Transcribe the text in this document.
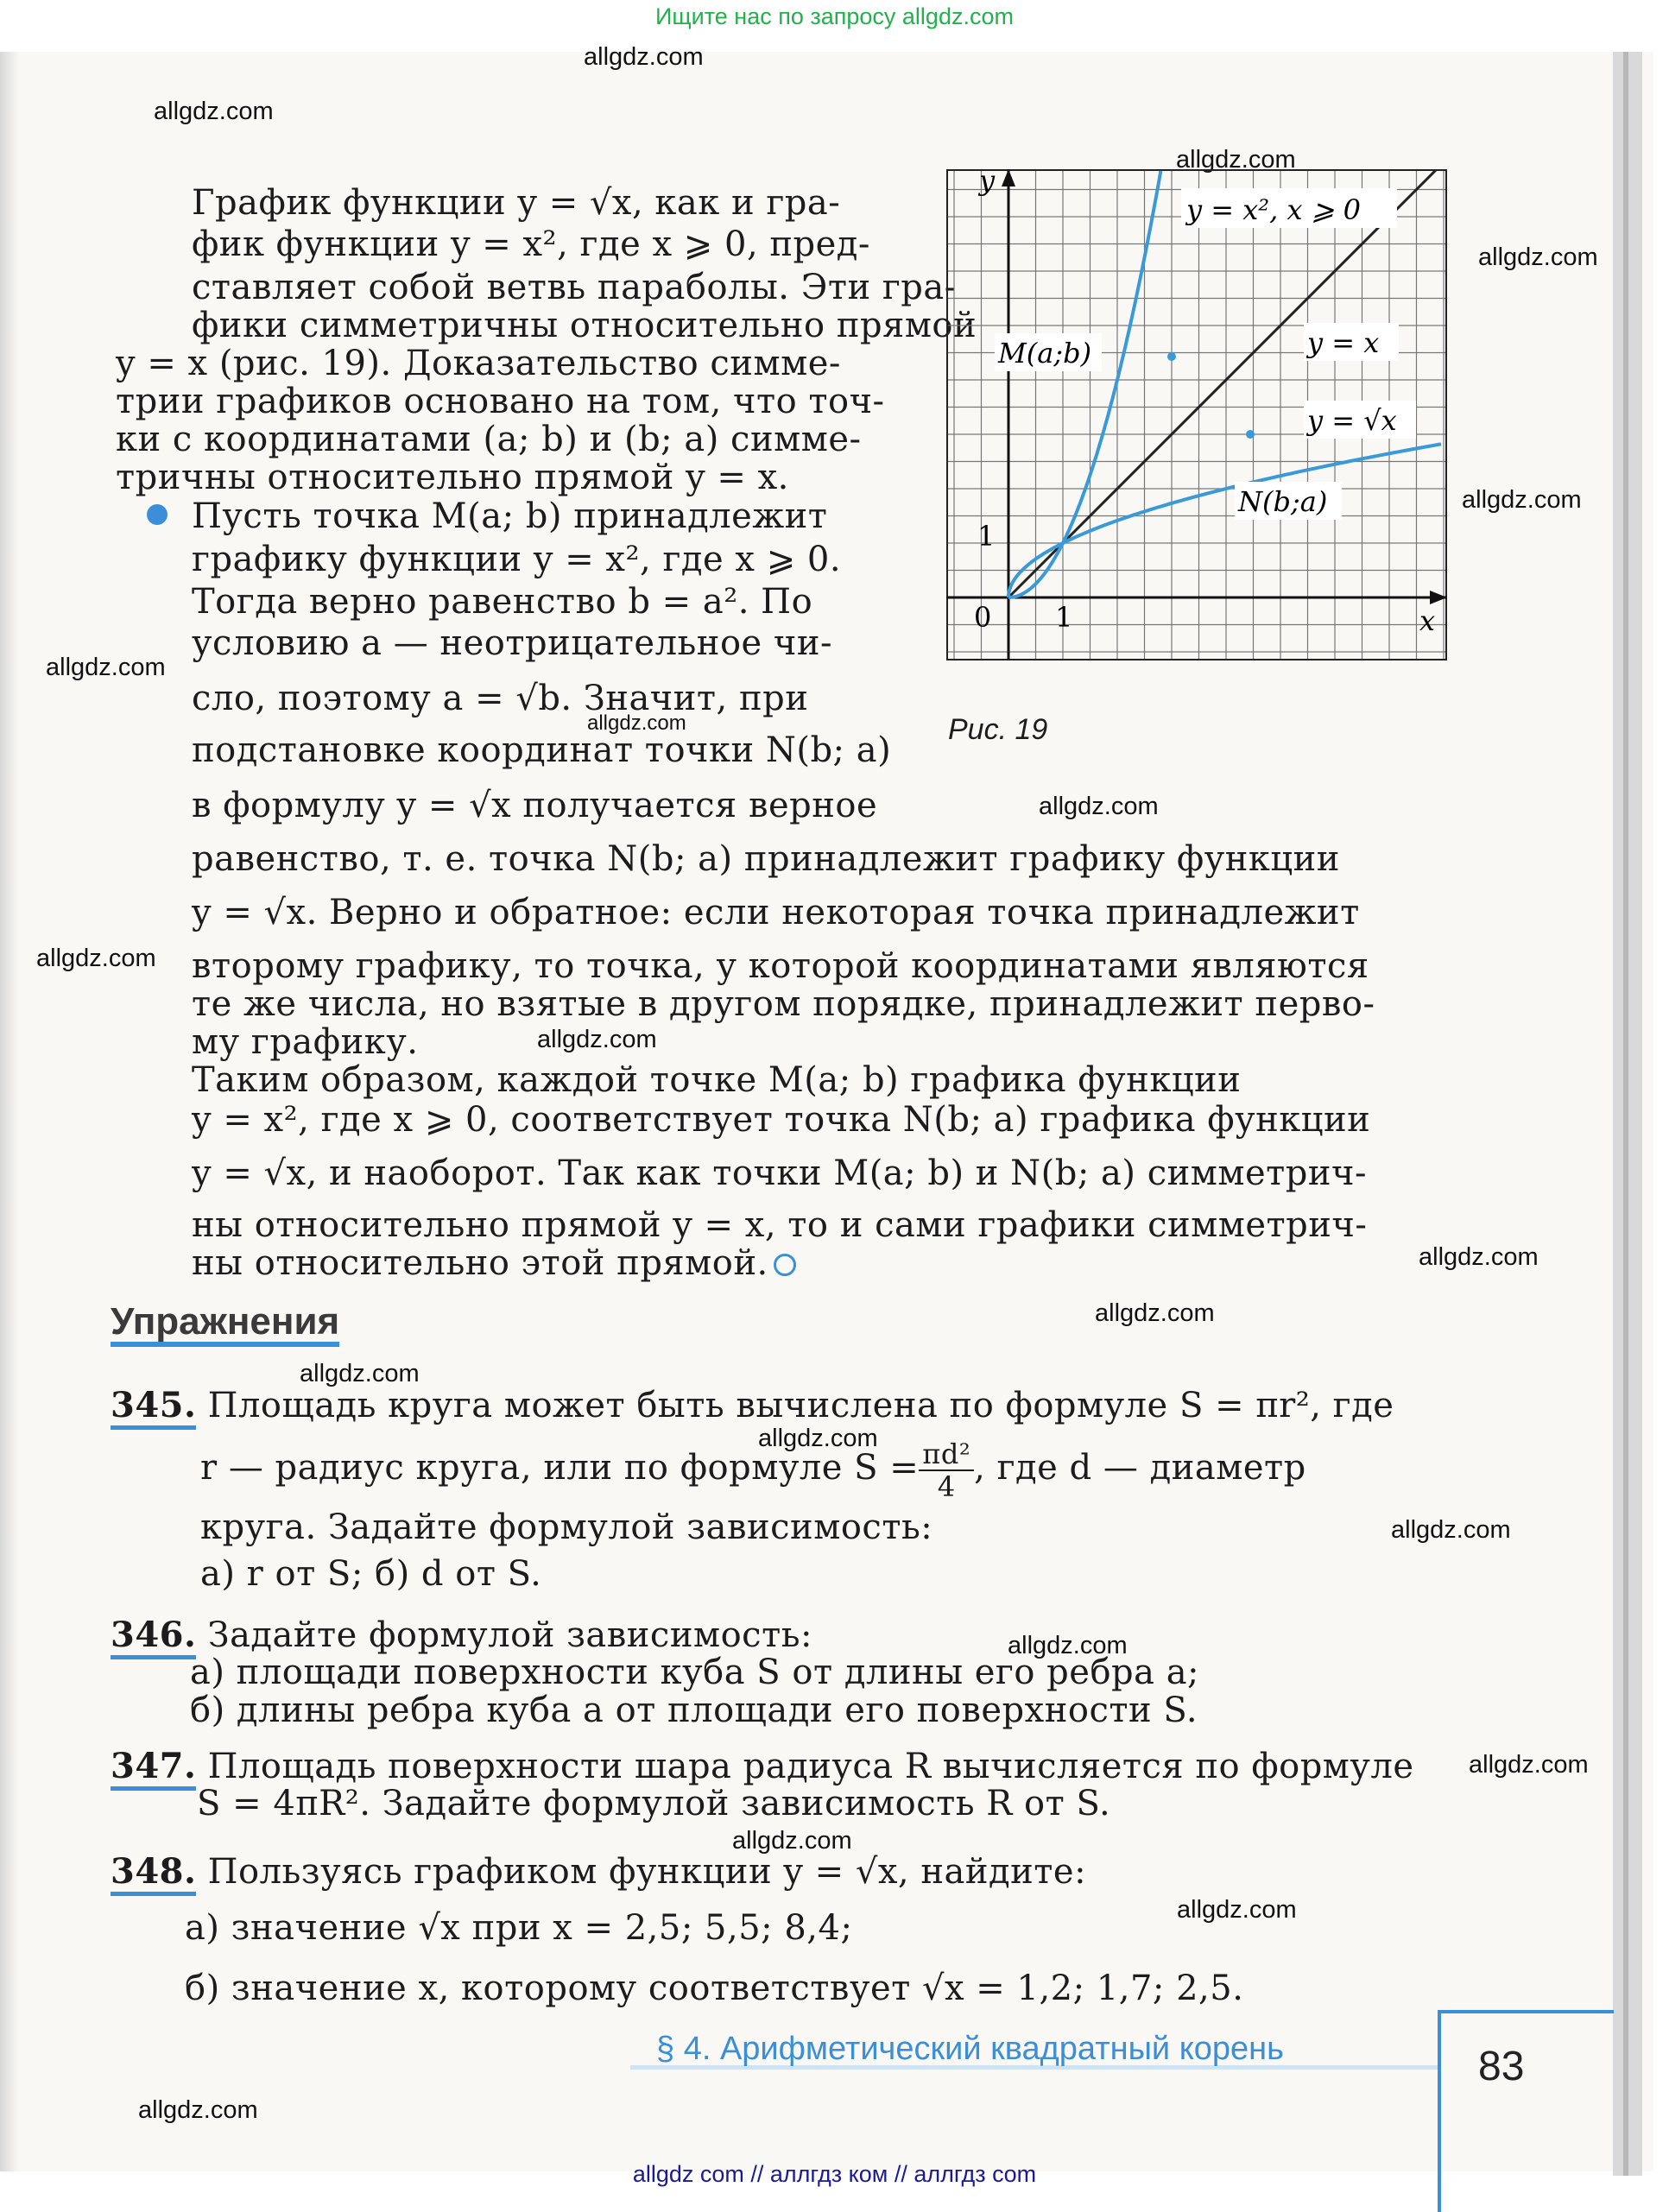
Ищите нас по запросу allgdz.com
allgdz.com
allgdz.com
allgdz.com
allgdz.com
allgdz.com
allgdz.com
allgdz.com
allgdz.com
allgdz.com
allgdz.com
allgdz.com
allgdz.com
allgdz.com
allgdz.com
allgdz.com
allgdz.com
allgdz.com
allgdz.com
allgdz.com
allgdz.com
График функции y = √x, как и гра-
фик функции y = x², где x ⩾ 0, пред-
ставляет собой ветвь параболы. Эти гра-
фики симметричны относительно прямой
y = x (рис. 19). Доказательство симме-
трии графиков основано на том, что точ-
ки с координатами (a; b) и (b; a) симме-
тричны относительно прямой y = x.
Пусть точка M(a; b) принадлежит
графику функции y = x², где x ⩾ 0.
Тогда верно равенство b = a². По
условию a — неотрицательное чи-
сло, поэтому a = √b. Значит, при
подстановке координат точки N(b; a)
в формулу y = √x получается верное
равенство, т. е. точка N(b; a) принадлежит графику функции
y = √x. Верно и обратное: если некоторая точка принадлежит
второму графику, то точка, у которой координатами являются
те же числа, но взятые в другом порядке, принадлежит перво-
му графику.
Таким образом, каждой точке M(a; b) графика функции
y = x², где x ⩾ 0, соответствует точка N(b; a) графика функции
y = √x, и наоборот. Так как точки M(a; b) и N(b; a) симметрич-
ны относительно прямой y = x, то и сами графики симметрич-
ны относительно этой прямой.
y = x², x ⩾ 0
y = x
y = √x
M(a;b)
N(b;a)
y
x
0 1
1
Рис. 19
Упражнения
345. Площадь круга может быть вычислена по формуле S = πr², где
r — радиус круга, или по формуле $S = \frac{\text{πd²}}{4}$ , где d — диаметр
круга. Задайте формулой зависимость:
а) r от S; б) d от S.
346. Задайте формулой зависимость:
а) площади поверхности куба S от длины его ребра a;
б) длины ребра куба a от площади его поверхности S.
347. Площадь поверхности шара радиуса R вычисляется по формуле
S = 4πR². Задайте формулой зависимость R от S.
348. Пользуясь графиком функции y = √x, найдите:
а) значение √x при x = 2,5; 5,5; 8,4;
б) значение x, которому соответствует √x = 1,2; 1,7; 2,5.
§ 4. Арифметический квадратный корень	83
allgdz com // аллгдз ком // аллгдз com
